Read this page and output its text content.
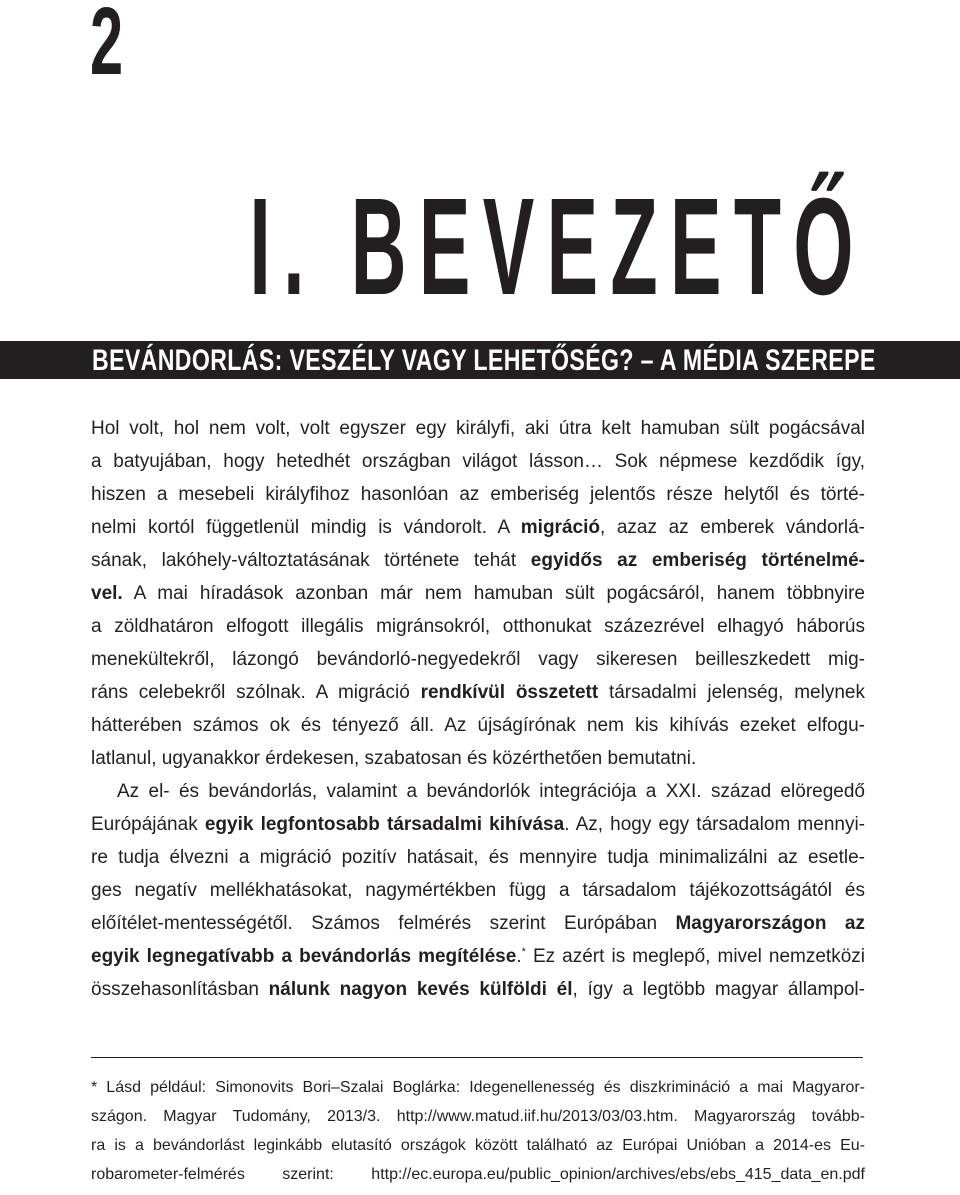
2
I. BEVEZETŐ
BEVÁNDORLÁS: VESZÉLY VAGY LEHETŐSÉG? – A MÉDIA SZEREPE
Hol volt, hol nem volt, volt egyszer egy királyfi, aki útra kelt hamuban sült pogácsával
a batyujában, hogy hetedhét országban világot lásson… Sok népmese kezdődik így,
hiszen a mesebeli királyfihoz hasonlóan az emberiség jelentős része helytől és törté-
nelmi kortól függetlenül mindig is vándorolt. A migráció, azaz az emberek vándorlá-
sának, lakóhely-változtatásának története tehát egyidős az emberiség történelmé-
vel. A mai híradások azonban már nem hamuban sült pogácsáról, hanem többnyire
a zöldhatáron elfogott illegális migránsokról, otthonukat százezrével elhagyó háborús
menekültekről, lázongó bevándorló-negyedekről vagy sikeresen beilleszkedett mig-
ráns celebekről szólnak. A migráció rendkívül összetett társadalmi jelenség, melynek
hátterében számos ok és tényező áll. Az újságírónak nem kis kihívás ezeket elfogu-
latlanul, ugyanakkor érdekesen, szabatosan és közérthetően bemutatni.
Az el- és bevándorlás, valamint a bevándorlók integrációja a XXI. század elöregedő
Európájának egyik legfontosabb társadalmi kihívása. Az, hogy egy társadalom mennyi-
re tudja élvezni a migráció pozitív hatásait, és mennyire tudja minimalizálni az esetle-
ges negatív mellékhatásokat, nagymértékben függ a társadalom tájékozottságától és
előítélet-mentességétől. Számos felmérés szerint Európában Magyarországon az
egyik legnegatívabb a bevándorlás megítélése.* Ez azért is meglepő, mivel nemzetközi
összehasonlításban nálunk nagyon kevés külföldi él, így a legtöbb magyar állampol-
* Lásd például: Simonovits Bori–Szalai Boglárka: Idegenellenesség és diszkrimináció a mai Magyaror-
szágon. Magyar Tudomány, 2013/3. http://www.matud.iif.hu/2013/03/03.htm. Magyarország tovább-
ra is a bevándorlást leginkább elutasító országok között található az Európai Unióban a 2014-es Eu-
robarometer-felmérés szerint: http://ec.europa.eu/public_opinion/archives/ebs/ebs_415_data_en.pdf
